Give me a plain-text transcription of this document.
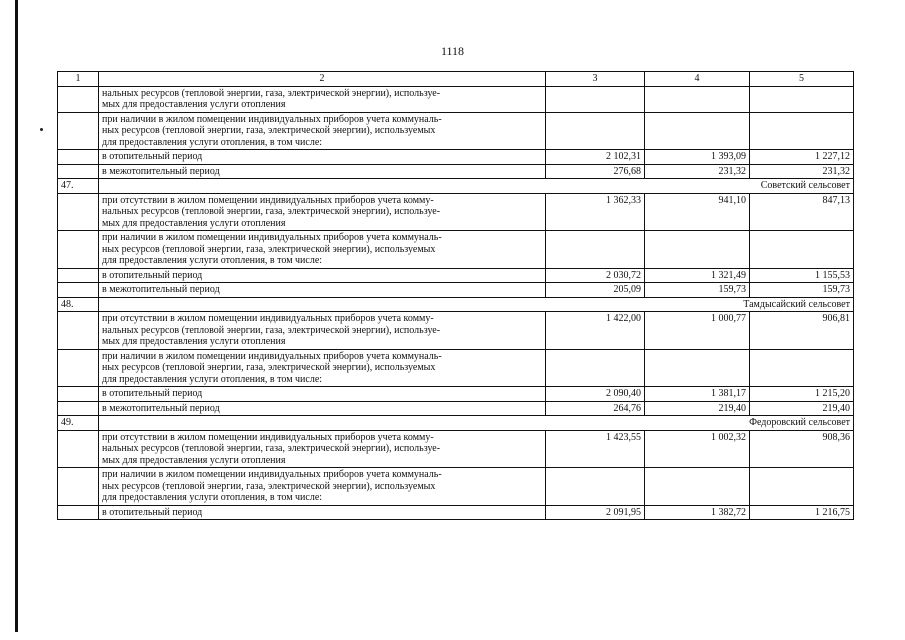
1118
1	2	3	4	5
	нальных ресурсов (тепловой энергии, газа, электрической энергии), используе-
мых для предоставления услуги отопления			
	при наличии в жилом помещении индивидуальных приборов учета коммуналь-
ных ресурсов (тепловой энергии, газа, электрической энергии), используемых
для предоставления услуги отопления, в том числе:			
	в отопительный период	2 102,31	1 393,09	1 227,12
	в межотопительный период	276,68	231,32	231,32
47.	Советский сельсовет			
	при отсутствии в жилом помещении индивидуальных приборов учета комму-
нальных ресурсов (тепловой энергии, газа, электрической энергии), используе-
мых для предоставления услуги отопления	1 362,33	941,10	847,13
	при наличии в жилом помещении индивидуальных приборов учета коммуналь-
ных ресурсов (тепловой энергии, газа, электрической энергии), используемых
для предоставления услуги отопления, в том числе:			
	в отопительный период	2 030,72	1 321,49	1 155,53
	в межотопительный период	205,09	159,73	159,73
48.	Тамдысайский сельсовет			
	при отсутствии в жилом помещении индивидуальных приборов учета комму-
нальных ресурсов (тепловой энергии, газа, электрической энергии), используе-
мых для предоставления услуги отопления	1 422,00	1 000,77	906,81
	при наличии в жилом помещении индивидуальных приборов учета коммуналь-
ных ресурсов (тепловой энергии, газа, электрической энергии), используемых
для предоставления услуги отопления, в том числе:			
	в отопительный период	2 090,40	1 381,17	1 215,20
	в межотопительный период	264,76	219,40	219,40
49.	Федоровский сельсовет			
	при отсутствии в жилом помещении индивидуальных приборов учета комму-
нальных ресурсов (тепловой энергии, газа, электрической энергии), используе-
мых для предоставления услуги отопления	1 423,55	1 002,32	908,36
	при наличии в жилом помещении индивидуальных приборов учета коммуналь-
ных ресурсов (тепловой энергии, газа, электрической энергии), используемых
для предоставления услуги отопления, в том числе:			
	в отопительный период	2 091,95	1 382,72	1 216,75
